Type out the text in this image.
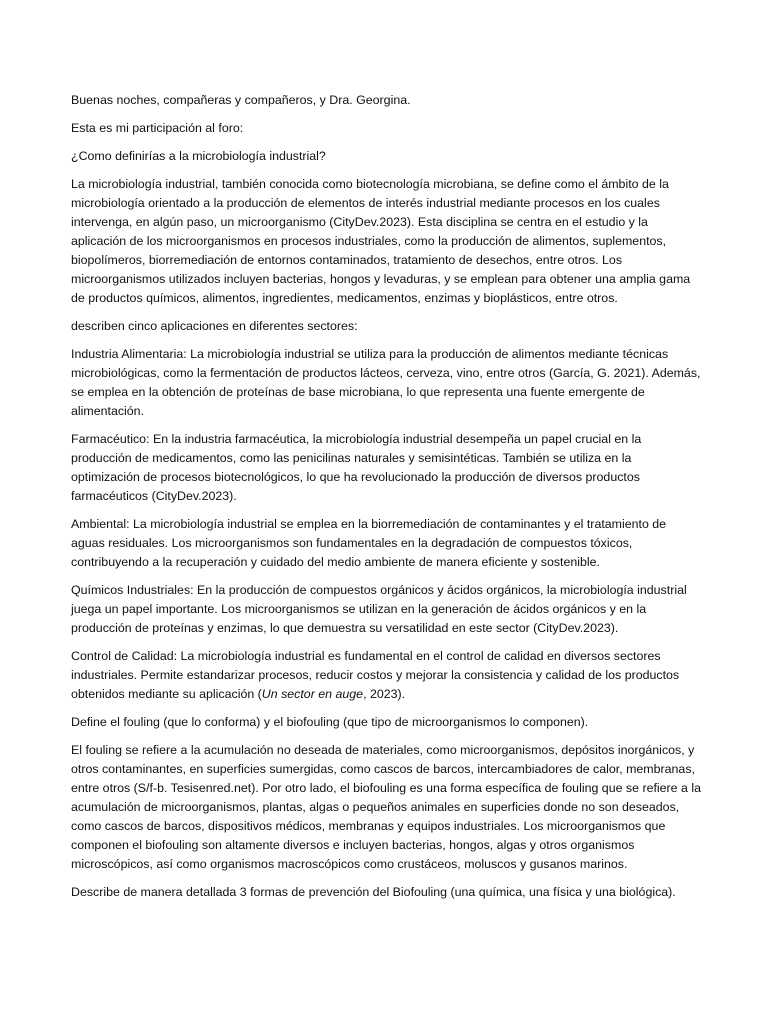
Buenas noches, compañeras y compañeros, y Dra. Georgina.

Esta es mi participación al foro:

¿Como definirías a la microbiología industrial?

La microbiología industrial, también conocida como biotecnología microbiana, se define como el ámbito de la microbiología orientado a la producción de elementos de interés industrial mediante procesos en los cuales intervenga, en algún paso, un microorganismo (CityDev.2023). Esta disciplina se centra en el estudio y la aplicación de los microorganismos en procesos industriales, como la producción de alimentos, suplementos, biopolímeros, biorremediación de entornos contaminados, tratamiento de desechos, entre otros. Los microorganismos utilizados incluyen bacterias, hongos y levaduras, y se emplean para obtener una amplia gama de productos químicos, alimentos, ingredientes, medicamentos, enzimas y bioplásticos, entre otros.

describen cinco aplicaciones en diferentes sectores:

Industria Alimentaria: La microbiología industrial se utiliza para la producción de alimentos mediante técnicas microbiológicas, como la fermentación de productos lácteos, cerveza, vino, entre otros (García, G. 2021). Además, se emplea en la obtención de proteínas de base microbiana, lo que representa una fuente emergente de alimentación.

Farmacéutico: En la industria farmacéutica, la microbiología industrial desempeña un papel crucial en la producción de medicamentos, como las penicilinas naturales y semisintéticas. También se utiliza en la optimización de procesos biotecnológicos, lo que ha revolucionado la producción de diversos productos farmacéuticos (CityDev.2023).

Ambiental: La microbiología industrial se emplea en la biorremediación de contaminantes y el tratamiento de aguas residuales. Los microorganismos son fundamentales en la degradación de compuestos tóxicos, contribuyendo a la recuperación y cuidado del medio ambiente de manera eficiente y sostenible.

Químicos Industriales: En la producción de compuestos orgánicos y ácidos orgánicos, la microbiología industrial juega un papel importante. Los microorganismos se utilizan en la generación de ácidos orgánicos y en la producción de proteínas y enzimas, lo que demuestra su versatilidad en este sector (CityDev.2023).

Control de Calidad: La microbiología industrial es fundamental en el control de calidad en diversos sectores industriales. Permite estandarizar procesos, reducir costos y mejorar la consistencia y calidad de los productos obtenidos mediante su aplicación (Un sector en auge, 2023).

Define el fouling (que lo conforma) y el biofouling (que tipo de microorganismos lo componen).

El fouling se refiere a la acumulación no deseada de materiales, como microorganismos, depósitos inorgánicos, y otros contaminantes, en superficies sumergidas, como cascos de barcos, intercambiadores de calor, membranas, entre otros (S/f-b. Tesisenred.net). Por otro lado, el biofouling es una forma específica de fouling que se refiere a la acumulación de microorganismos, plantas, algas o pequeños animales en superficies donde no son deseados, como cascos de barcos, dispositivos médicos, membranas y equipos industriales. Los microorganismos que componen el biofouling son altamente diversos e incluyen bacterias, hongos, algas y otros organismos microscópicos, así como organismos macroscópicos como crustáceos, moluscos y gusanos marinos.

Describe de manera detallada 3 formas de prevención del Biofouling (una química, una física y una biológica).
